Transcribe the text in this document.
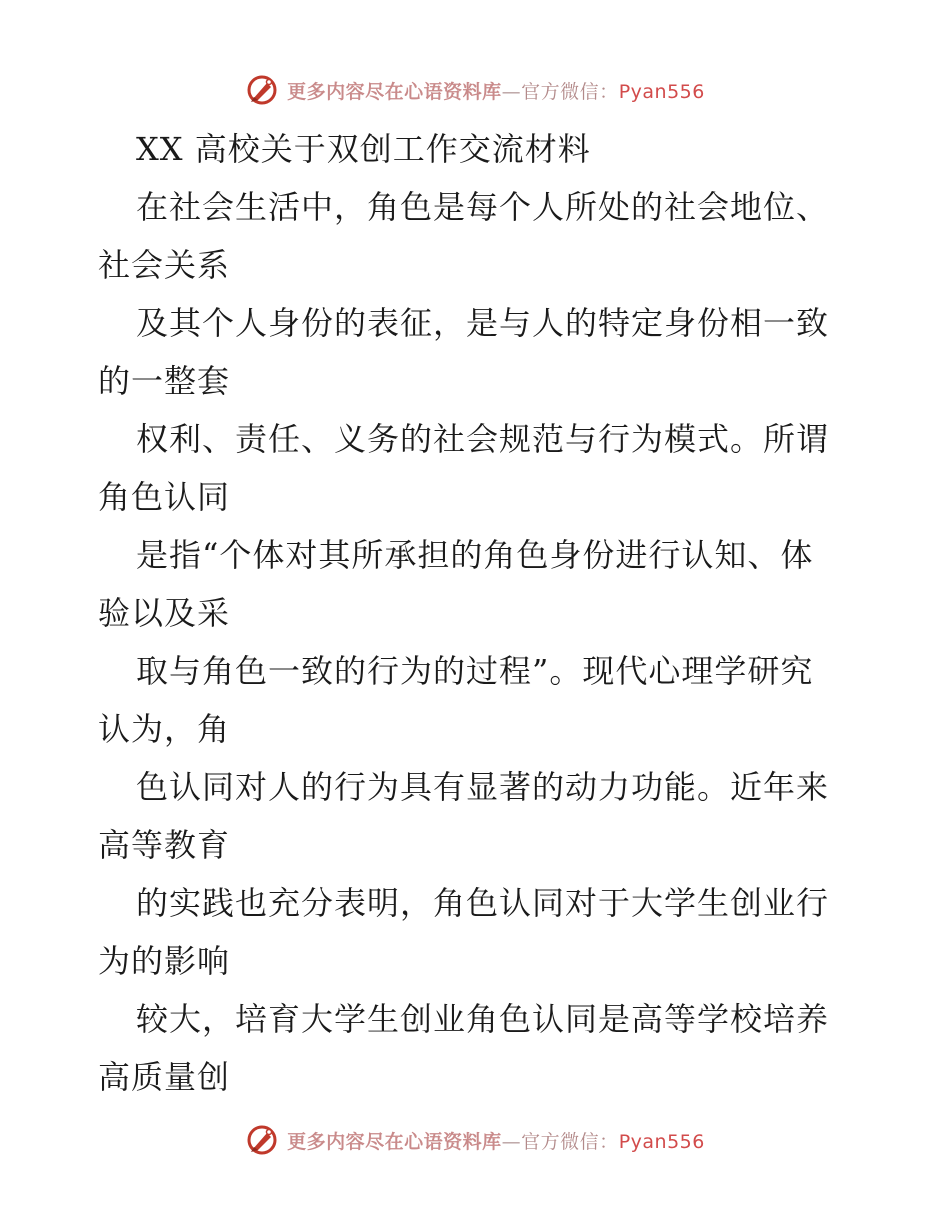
更多内容尽在心语资料库—官方微信：Pyan556
XX 高校关于双创工作交流材料
在社会生活中，角色是每个人所处的社会地位、
社会关系
及其个人身份的表征，是与人的特定身份相一致
的一整套
权利、责任、义务的社会规范与行为模式。所谓
角色认同
是指“个体对其所承担的角色身份进行认知、体
验以及采
取与角色一致的行为的过程”。现代心理学研究
认为，角
色认同对人的行为具有显著的动力功能。近年来
高等教育
的实践也充分表明，角色认同对于大学生创业行
为的影响
较大，培育大学生创业角色认同是高等学校培养
高质量创
更多内容尽在心语资料库—官方微信：Pyan556
